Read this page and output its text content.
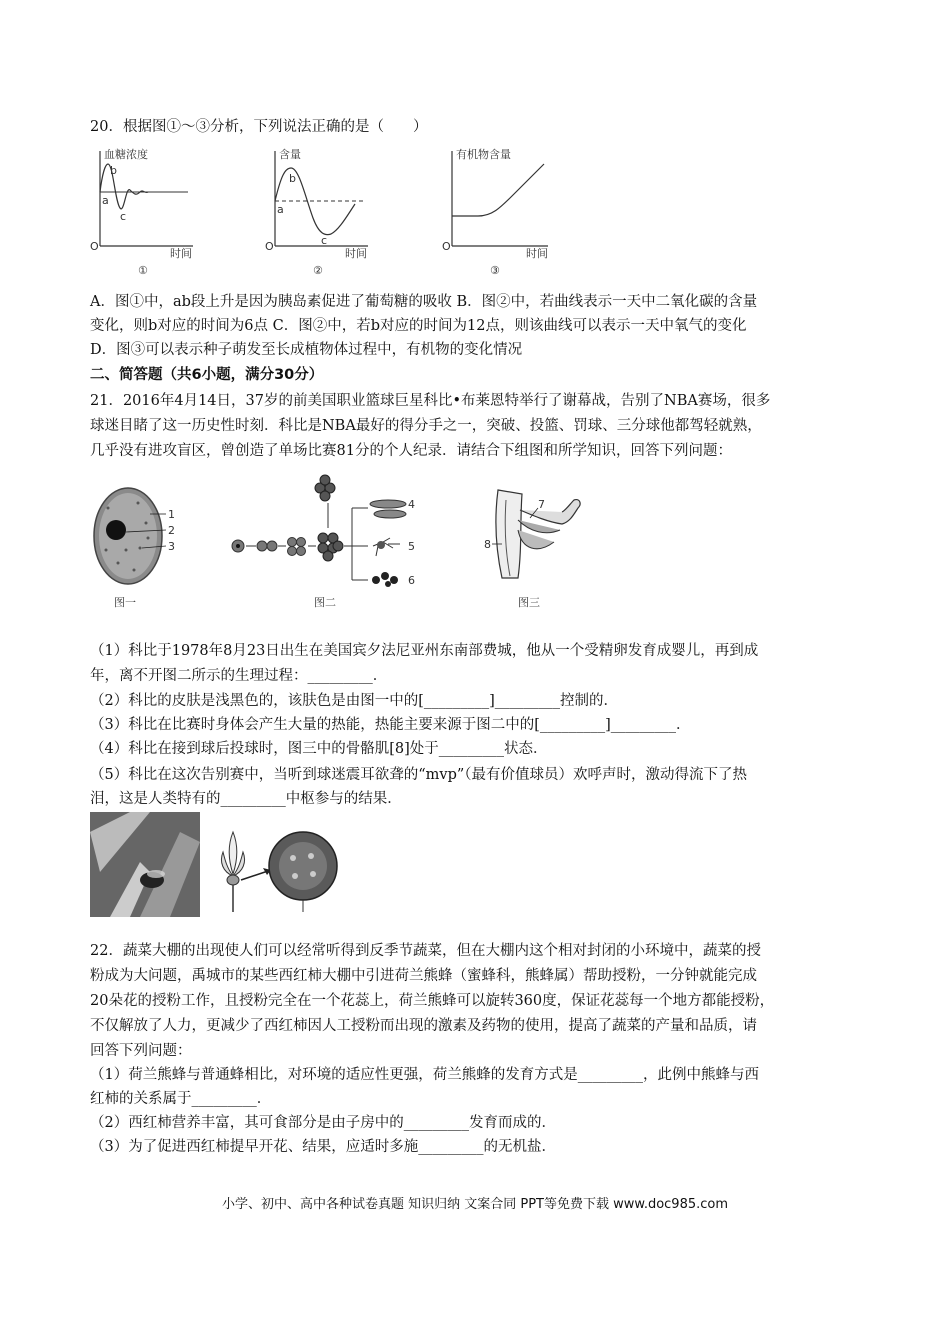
20．根据图①～③分析，下列说法正确的是（　　）
血糖浓度
a
b
c
O
时间
①
含量
a
b
c
O
时间
②
有机物含量
O
时间
③
A．图①中，ab段上升是因为胰岛素促进了葡萄糖的吸收 B．图②中，若曲线表示一天中二氧化碳的含量
变化，则b对应的时间为6点 C．图②中，若b对应的时间为12点，则该曲线可以表示一天中氧气的变化
D．图③可以表示种子萌发至长成植物体过程中，有机物的变化情况
二、简答题（共6小题，满分30分）
21．2016年4月14日，37岁的前美国职业篮球巨星科比•布莱恩特举行了谢幕战，告别了NBA赛场，很多
球迷目睹了这一历史性时刻．科比是NBA最好的得分手之一，突破、投篮、罚球、三分球他都驾轻就熟，
几乎没有进攻盲区，曾创造了单场比赛81分的个人纪录．请结合下组图和所学知识，回答下列问题：
1
2
3
图一
4
5
6
图二
7
8
图三
（1）科比于1978年8月23日出生在美国宾夕法尼亚州东南部费城，他从一个受精卵发育成婴儿，再到成
年，离不开图二所示的生理过程：_________．
（2）科比的皮肤是浅黑色的，该肤色是由图一中的[_________]_________控制的．
（3）科比在比赛时身体会产生大量的热能，热能主要来源于图二中的[_________]_________．
（4）科比在接到球后投球时，图三中的骨骼肌[8]处于_________状态．
（5）科比在这次告别赛中，当听到球迷震耳欲聋的“mvp”（最有价值球员）欢呼声时，激动得流下了热
泪，这是人类特有的_________中枢参与的结果．
22．蔬菜大棚的出现使人们可以经常听得到反季节蔬菜，但在大棚内这个相对封闭的小环境中，蔬菜的授
粉成为大问题，禹城市的某些西红柿大棚中引进荷兰熊蜂（蜜蜂科，熊蜂属）帮助授粉，一分钟就能完成
20朵花的授粉工作，且授粉完全在一个花蕊上，荷兰熊蜂可以旋转360度，保证花蕊每一个地方都能授粉，
不仅解放了人力，更减少了西红柿因人工授粉而出现的激素及药物的使用，提高了蔬菜的产量和品质，请
回答下列问题：
（1）荷兰熊蜂与普通蜂相比，对环境的适应性更强，荷兰熊蜂的发育方式是_________，此例中熊蜂与西
红柿的关系属于_________．
（2）西红柿营养丰富，其可食部分是由子房中的_________发育而成的．
（3）为了促进西红柿提早开花、结果，应适时多施_________的无机盐．
小学、初中、高中各种试卷真题 知识归纳 文案合同 PPT等免费下载 www.doc985.com
